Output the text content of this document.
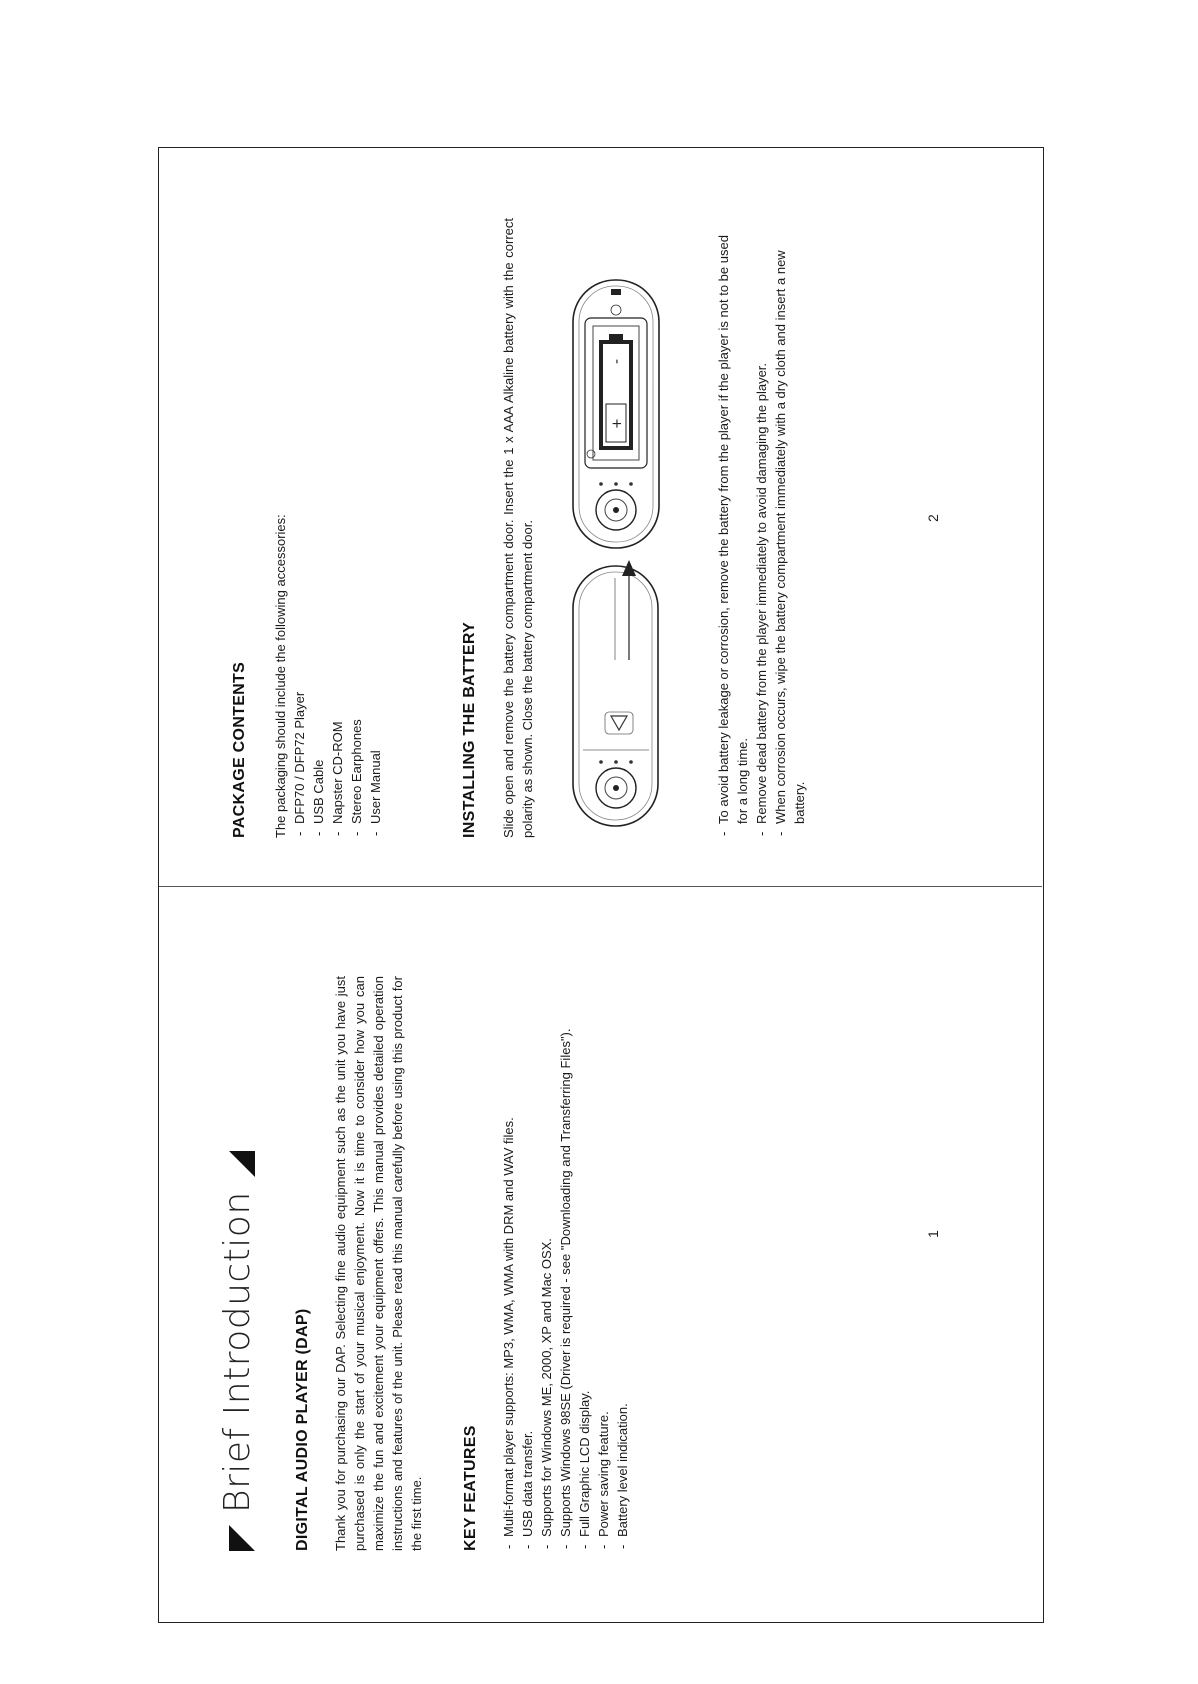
Brief Introduction DIGITAL AUDIO PLAYER (DAP) Thank you for purchasing our DAP. Selecting fine audio equipment such as the unit you have just purchased is only the start of your musical enjoyment. Now it is time to consider how you can maximize the fun and excitement your equipment offers. This manual provides detailed operation instructions and features of the unit. Please read this manual carefully before using this product for the first time. KEY FEATURES - Multi-format player supports: MP3, WMA, WMA with DRM and WAV files. - USB data transfer. - Supports for Windows ME, 2000, XP and Mac OSX. - Supports Windows 98SE (Driver is required - see "Downloading and Transferring Files"). - Full Graphic LCD display. - Power saving feature. - Battery level indication.
1
PACKAGE CONTENTS The packaging should include the following accessories: - DFP70 / DFP72 Player - USB Cable - Napster CD-ROM - Stereo Earphones - User Manual	INSTALLING THE BATTERY Slide open and remove the battery compartment door. Insert the 1 x AAA Alkaline battery with the correct polarity as shown. Close the battery compartment door.

+
-	- To avoid battery leakage or corrosion, remove the battery from the player if the player is not to be used for a long time. - Remove dead battery from the player immediately to avoid damaging the player. - When corrosion occurs, wipe the battery compartment immediately with a dry cloth and insert a new battery.
2
